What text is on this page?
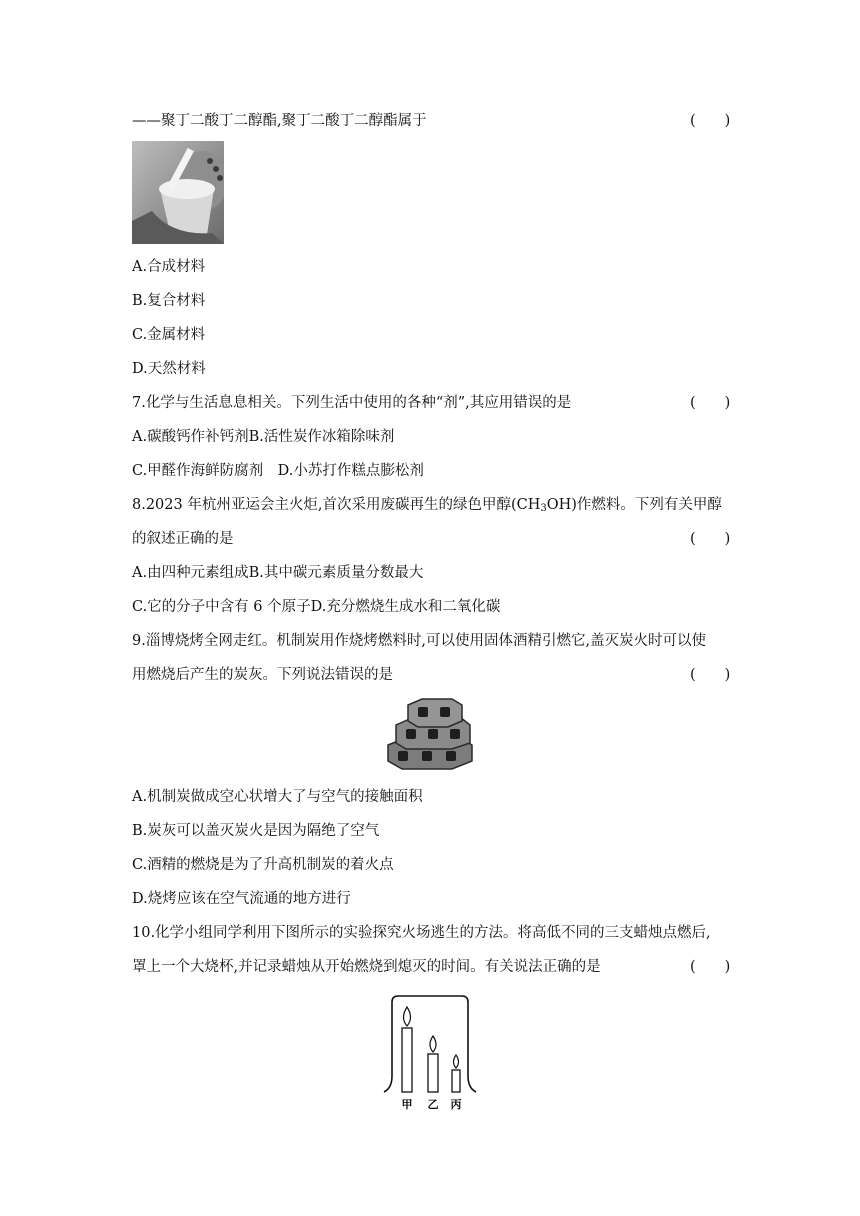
——聚丁二酸丁二醇酯,聚丁二酸丁二醇酯属于	(　　)
A.合成材料
B.复合材料
C.金属材料
D.天然材料
7.化学与生活息息相关。下列生活中使用的各种“剂”,其应用错误的是	(　　)
A.碳酸钙作补钙剂B.活性炭作冰箱除味剂
C.甲醛作海鲜防腐剂　D.小苏打作糕点膨松剂
8.2023 年杭州亚运会主火炬,首次采用废碳再生的绿色甲醇$(CH_3OH)$作燃料。下列有关甲醇
的叙述正确的是	(　　)
A.由四种元素组成B.其中碳元素质量分数最大
C.它的分子中含有 6 个原子D.充分燃烧生成水和二氧化碳
9.淄博烧烤全网走红。机制炭用作烧烤燃料时,可以使用固体酒精引燃它,盖灭炭火时可以使
用燃烧后产生的炭灰。下列说法错误的是	(　　)
A.机制炭做成空心状增大了与空气的接触面积
B.炭灰可以盖灭炭火是因为隔绝了空气
C.酒精的燃烧是为了升高机制炭的着火点
D.烧烤应该在空气流通的地方进行
10.化学小组同学利用下图所示的实验探究火场逃生的方法。将高低不同的三支蜡烛点燃后,
罩上一个大烧杯,并记录蜡烛从开始燃烧到熄灭的时间。有关说法正确的是	(　　)
甲 乙 丙
